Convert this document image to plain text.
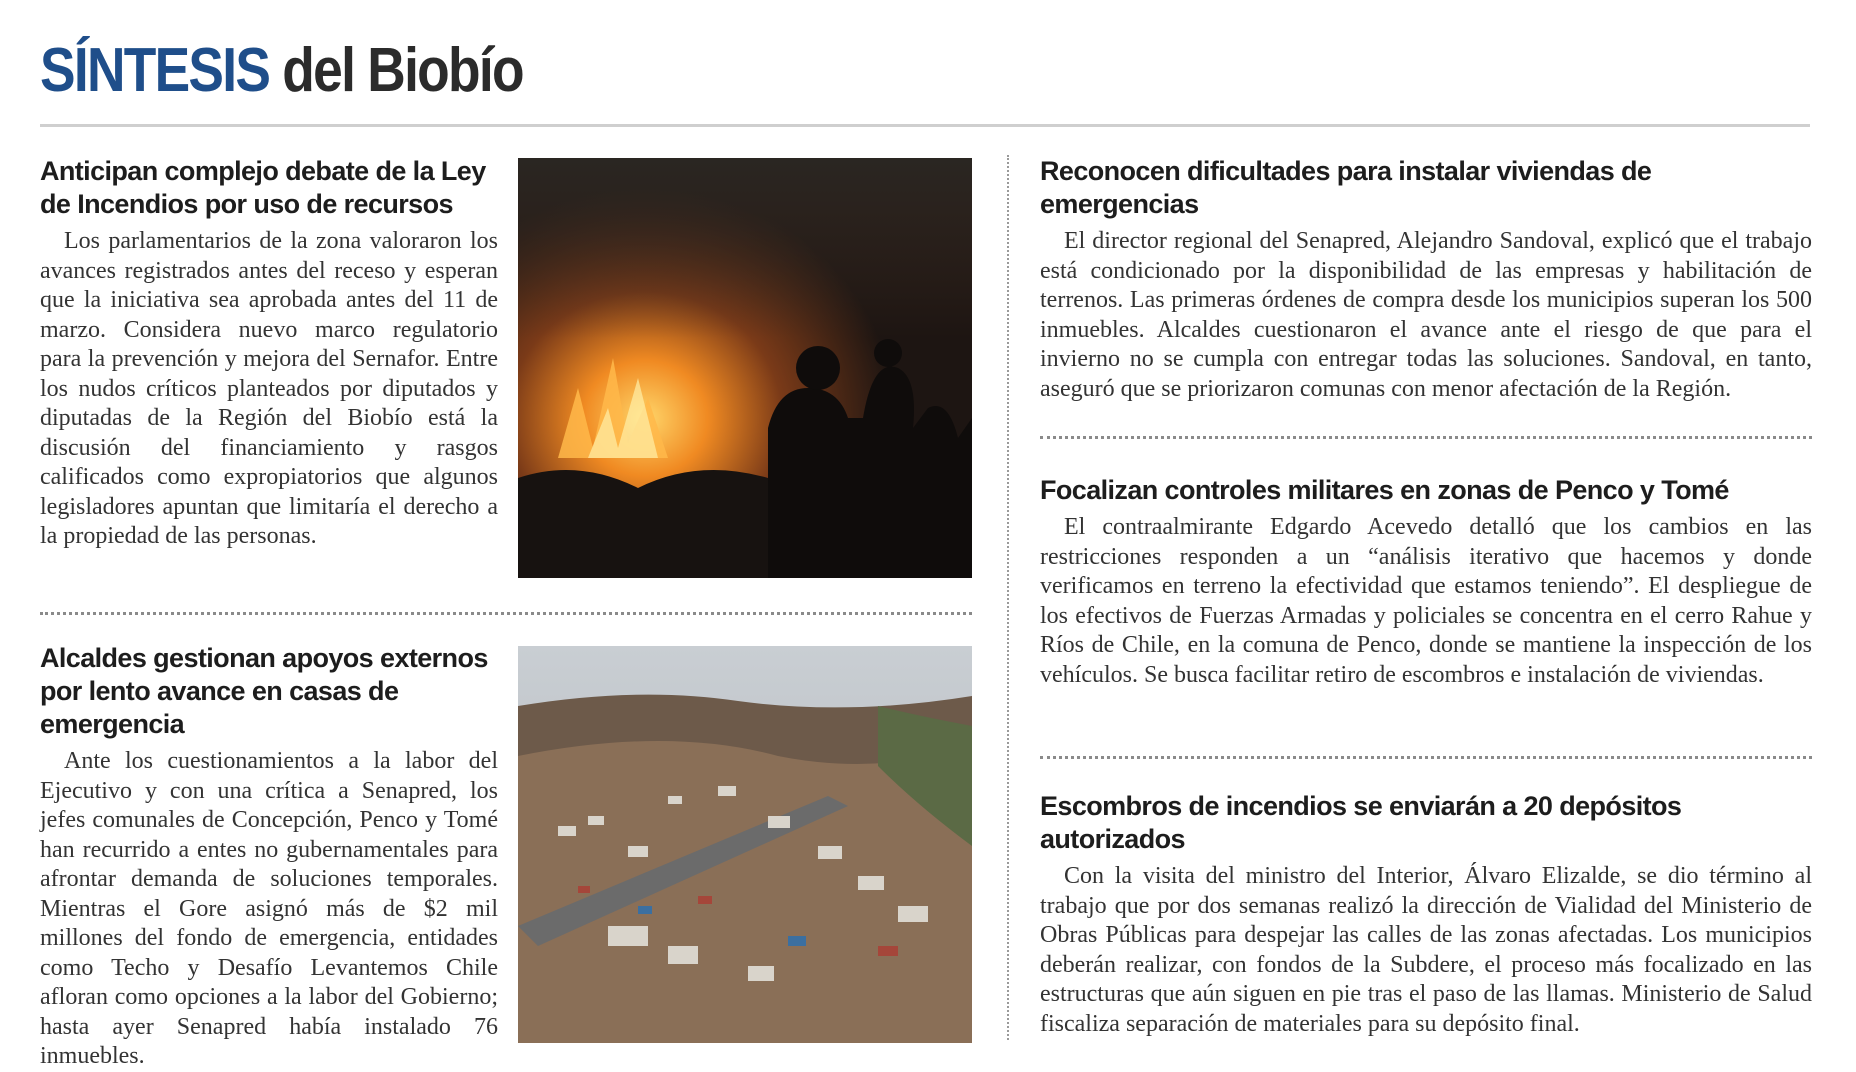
SÍNTESIS del Biobío
Anticipan complejo debate de la Ley de Incendios por uso de recursos

Los parlamentarios de la zona valoraron los avances registrados antes del receso y esperan que la iniciativa sea aprobada antes del 11 de marzo. Considera nuevo marco regulatorio para la prevención y mejora del Sernafor. Entre los nudos críticos planteados por diputados y diputadas de la Región del Biobío está la discusión del financiamiento y rasgos calificados como expropiatorios que algunos legisladores apuntan que limitaría el derecho a la propiedad de las personas.

Alcaldes gestionan apoyos externos por lento avance en casas de emergencia

Ante los cuestionamientos a la labor del Ejecutivo y con una crítica a Senapred, los jefes comunales de Concepción, Penco y Tomé han recurrido a entes no gubernamentales para afrontar demanda de soluciones temporales. Mientras el Gore asignó más de $2 mil millones del fondo de emergencia, entidades como Techo y Desafío Levantemos Chile afloran como opciones a la labor del Gobierno; hasta ayer Senapred había instalado 76 inmuebles.

Reconocen dificultades para instalar viviendas de emergencias

El director regional del Senapred, Alejandro Sandoval, explicó que el trabajo está condicionado por la disponibilidad de las empresas y habilitación de terrenos. Las primeras órdenes de compra desde los municipios superan los 500 inmuebles. Alcaldes cuestionaron el avance ante el riesgo de que para el invierno no se cumpla con entregar todas las soluciones. Sandoval, en tanto, aseguró que se priorizaron comunas con menor afectación de la Región.

Focalizan controles militares en zonas de Penco y Tomé

El contraalmirante Edgardo Acevedo detalló que los cambios en las restricciones responden a un “análisis iterativo que hacemos y donde verificamos en terreno la efectividad que estamos teniendo”. El despliegue de los efectivos de Fuerzas Armadas y policiales se concentra en el cerro Rahue y Ríos de Chile, en la comuna de Penco, donde se mantiene la inspección de los vehículos. Se busca facilitar retiro de escombros e instalación de viviendas.

Escombros de incendios se enviarán a 20 depósitos autorizados

Con la visita del ministro del Interior, Álvaro Elizalde, se dio término al trabajo que por dos semanas realizó la dirección de Vialidad del Ministerio de Obras Públicas para despejar las calles de las zonas afectadas. Los municipios deberán realizar, con fondos de la Subdere, el proceso más focalizado en las estructuras que aún siguen en pie tras el paso de las llamas. Ministerio de Salud fiscaliza separación de materiales para su depósito final.
